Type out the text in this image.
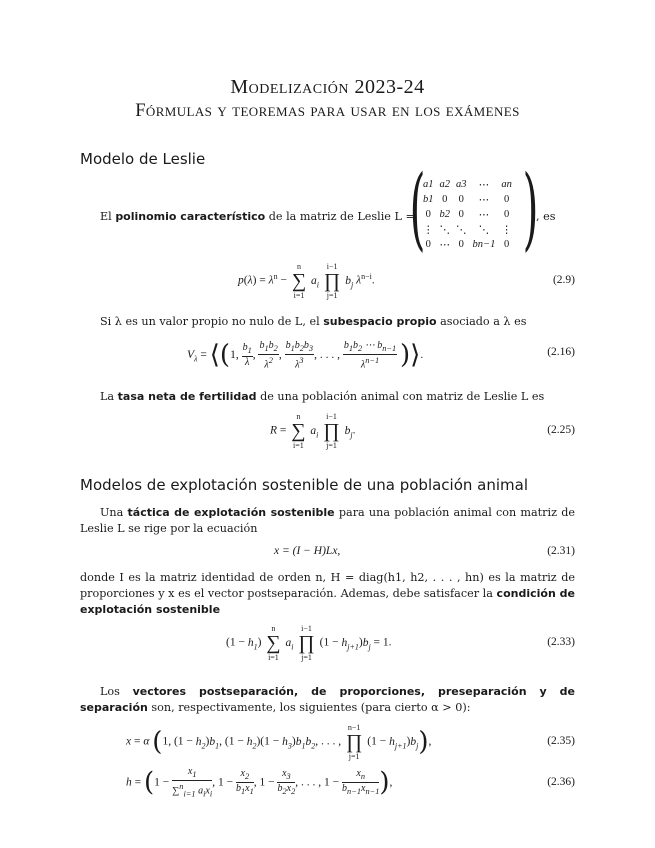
Modelización 2023-24
Fórmulas y teoremas para usar en los exámenes
Modelo de Leslie
El polinomio característico de la matriz de Leslie L =
(
a1	a2	a3	⋯	an
b1	0	0	⋯	0
0	b2	0	⋯	0
⋮	⋱	⋱	⋱	⋮
0	⋯	0	bn−1	0 )
, es
$p(\lambda) = \lambda^n - n$
∑
i=1 $a_i$ i−1
∏
j=1 $b_j$ $\lambda^{n-i}$.	(2.9)
Si λ es un valor propio no nulo de L, el subespacio propio asociado a λ es
$V_\lambda$ = ⟨(1, $\frac{b_1}{\lambda}$ , $\frac{b_1b_2}{\lambda^2}$ , $\frac{b_1b_2b_3}{\lambda^3}$ , . . . , $\frac{b_1b_2 \cdots b_{n-1}}{\lambda^{n-1}}$ )⟩.	(2.16)
La tasa neta de fertilidad de una población animal con matriz de Leslie L es
R = n
∑
i=1 $a_i$ i−1
∏
j=1 $b_j$.	(2.25)
Modelos de explotación sostenible de una población animal
Una táctica de explotación sostenible para una población animal con matriz de Leslie L se rige por la ecuación
x = (I − H)Lx,	(2.31)
donde I es la matriz identidad de orden n, H = diag(h1, h2, . . . , hn) es la matriz de proporciones y x es el vector postseparación. Ademas, debe satisfacer la condición de explotación sostenible
$(1 - h_1)$ n
∑
i=1 $a_i$ i−1
∏
j=1 $(1 - h_{j+1})b_j = 1$.	(2.33)
Los vectores postseparación, de proporciones, preseparación y de separación son, respectivamente, los siguientes (para cierto α > 0):
x = α (1, $(1 - h_2)b_1$, $(1 - h_2)(1 - h_3)b_1b_2$, . . . , n−1
∏
j=1 $(1 - h_{j+1})b_j$),	(2.35)
$h = (1 - \frac{x_1}{\sum^n_{i=1} a_ix_i}$ , $1 - \frac{x_2}{b_1x_1}$ , $1 - \frac{x_3}{b_2x_2}$ , . . . , $1 - \frac{x_n}{b_{n-1}x_{n-1}}$ ),	(2.36)
